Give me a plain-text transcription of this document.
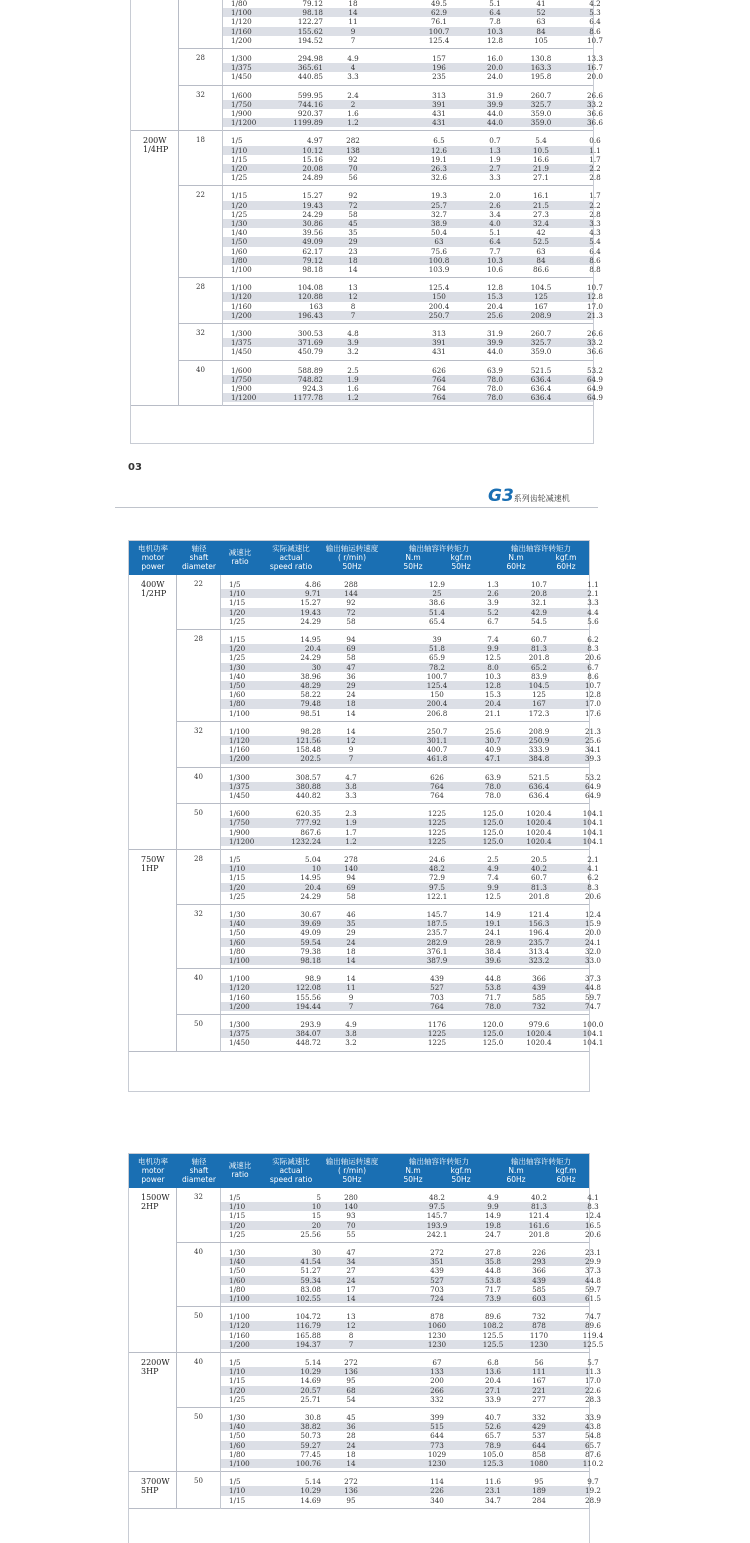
1/80	79.12	18	49.5	5.1	41	4.2
1/100	98.18	14	62.9	6.4	52	5.3
1/120	122.27	11	76.1	7.8	63	6.4
1/160	155.62	9	100.7	10.3	84	8.6
1/200	194.52	7	125.4	12.8	105	10.7
28	1/300	294.98	4.9	157	16.0	130.8	13.3
1/375	365.61	4	196	20.0	163.3	16.7
1/450	440.85	3.3	235	24.0	195.8	20.0
32	1/600	599.95	2.4	313	31.9	260.7	26.6
1/750	744.16	2	391	39.9	325.7	33.2
1/900	920.37	1.6	431	44.0	359.0	36.6
1/1200	1199.89	1.2	431	44.0	359.0	36.6
200W
1/4HP
18	1/5	4.97	282	6.5	0.7	5.4	0.6
1/10	10.12	138	12.6	1.3	10.5	1.1
1/15	15.16	92	19.1	1.9	16.6	1.7
1/20	20.08	70	26.3	2.7	21.9	2.2
1/25	24.89	56	32.6	3.3	27.1	2.8
22	1/15	15.27	92	19.3	2.0	16.1	1.7
1/20	19.43	72	25.7	2.6	21.5	2.2
1/25	24.29	58	32.7	3.4	27.3	2.8
1/30	30.86	45	38.9	4.0	32.4	3.3
1/40	39.56	35	50.4	5.1	42	4.3
1/50	49.09	29	63	6.4	52.5	5.4
1/60	62.17	23	75.6	7.7	63	6.4
1/80	79.12	18	100.8	10.3	84	8.6
1/100	98.18	14	103.9	10.6	86.6	8.8
28	1/100	104.08	13	125.4	12.8	104.5	10.7
1/120	120.88	12	150	15.3	125	12.8
1/160	163	8	200.4	20.4	167	17.0
1/200	196.43	7	250.7	25.6	208.9	21.3
32	1/300	300.53	4.8	313	31.9	260.7	26.6
1/375	371.69	3.9	391	39.9	325.7	33.2
1/450	450.79	3.2	431	44.0	359.0	36.6
40	1/600	588.89	2.5	626	63.9	521.5	53.2
1/750	748.82	1.9	764	78.0	636.4	64.9
1/900	924.3	1.6	764	78.0	636.4	64.9
1/1200	1177.78	1.2	764	78.0	636.4	64.9
03
G3系列齿轮减速机
电机功率
motor
power
轴径
shaft
diameter
减速比
ratio
实际减速比
actual
speed ratio
输出轴运转速度
( r/min)
50Hz
输出轴容许转矩力
N.m	kgf.m
50Hz	50Hz
输出轴容许转矩力
N.m	kgf.m
60Hz	60Hz
400W
1/2HP
22	1/5	4.86	288	12.9	1.3	10.7	1.1
1/10	9.71	144	25	2.6	20.8	2.1
1/15	15.27	92	38.6	3.9	32.1	3.3
1/20	19.43	72	51.4	5.2	42.9	4.4
1/25	24.29	58	65.4	6.7	54.5	5.6
28	1/15	14.95	94	39	7.4	60.7	6.2
1/20	20.4	69	51.8	9.9	81.3	8.3
1/25	24.29	58	65.9	12.5	201.8	20.6
1/30	30	47	78.2	8.0	65.2	6.7
1/40	38.96	36	100.7	10.3	83.9	8.6
1/50	48.29	29	125.4	12.8	104.5	10.7
1/60	58.22	24	150	15.3	125	12.8
1/80	79.48	18	200.4	20.4	167	17.0
1/100	98.51	14	206.8	21.1	172.3	17.6
32	1/100	98.28	14	250.7	25.6	208.9	21.3
1/120	121.56	12	301.1	30.7	250.9	25.6
1/160	158.48	9	400.7	40.9	333.9	34.1
1/200	202.5	7	461.8	47.1	384.8	39.3
40	1/300	308.57	4.7	626	63.9	521.5	53.2
1/375	380.88	3.8	764	78.0	636.4	64.9
1/450	440.82	3.3	764	78.0	636.4	64.9
50	1/600	620.35	2.3	1225	125.0	1020.4	104.1
1/750	777.92	1.9	1225	125.0	1020.4	104.1
1/900	867.6	1.7	1225	125.0	1020.4	104.1
1/1200	1232.24	1.2	1225	125.0	1020.4	104.1
750W
1HP
28	1/5	5.04	278	24.6	2.5	20.5	2.1
1/10	10	140	48.2	4.9	40.2	4.1
1/15	14.95	94	72.9	7.4	60.7	6.2
1/20	20.4	69	97.5	9.9	81.3	8.3
1/25	24.29	58	122.1	12.5	201.8	20.6
32	1/30	30.67	46	145.7	14.9	121.4	12.4
1/40	39.69	35	187.5	19.1	156.3	15.9
1/50	49.09	29	235.7	24.1	196.4	20.0
1/60	59.54	24	282.9	28.9	235.7	24.1
1/80	79.38	18	376.1	38.4	313.4	32.0
1/100	98.18	14	387.9	39.6	323.2	33.0
40	1/100	98.9	14	439	44.8	366	37.3
1/120	122.08	11	527	53.8	439	44.8
1/160	155.56	9	703	71.7	585	59.7
1/200	194.44	7	764	78.0	732	74.7
50	1/300	293.9	4.9	1176	120.0	979.6	100.0
1/375	384.07	3.8	1225	125.0	1020.4	104.1
1/450	448.72	3.2	1225	125.0	1020.4	104.1
电机功率
motor
power
轴径
shaft
diameter
减速比
ratio
实际减速比
actual
speed ratio
输出轴运转速度
( r/min)
50Hz
输出轴容许转矩力
N.m	kgf.m
50Hz	50Hz
输出轴容许转矩力
N.m	kgf.m
60Hz	60Hz
1500W
2HP
32	1/5	5	280	48.2	4.9	40.2	4.1
1/10	10	140	97.5	9.9	81.3	8.3
1/15	15	93	145.7	14.9	121.4	12.4
1/20	20	70	193.9	19.8	161.6	16.5
1/25	25.56	55	242.1	24.7	201.8	20.6
40	1/30	30	47	272	27.8	226	23.1
1/40	41.54	34	351	35.8	293	29.9
1/50	51.27	27	439	44.8	366	37.3
1/60	59.34	24	527	53.8	439	44.8
1/80	83.08	17	703	71.7	585	59.7
1/100	102.55	14	724	73.9	603	61.5
50	1/100	104.72	13	878	89.6	732	74.7
1/120	116.79	12	1060	108.2	878	89.6
1/160	165.88	8	1230	125.5	1170	119.4
1/200	194.37	7	1230	125.5	1230	125.5
2200W
3HP
40	1/5	5.14	272	67	6.8	56	5.7
1/10	10.29	136	133	13.6	111	11.3
1/15	14.69	95	200	20.4	167	17.0
1/20	20.57	68	266	27.1	221	22.6
1/25	25.71	54	332	33.9	277	28.3
50	1/30	30.8	45	399	40.7	332	33.9
1/40	38.82	36	515	52.6	429	43.8
1/50	50.73	28	644	65.7	537	54.8
1/60	59.27	24	773	78.9	644	65.7
1/80	77.45	18	1029	105.0	858	87.6
1/100	100.76	14	1230	125.3	1080	110.2
3700W
5HP
50	1/5	5.14	272	114	11.6	95	9.7
1/10	10.29	136	226	23.1	189	19.2
1/15	14.69	95	340	34.7	284	28.9
